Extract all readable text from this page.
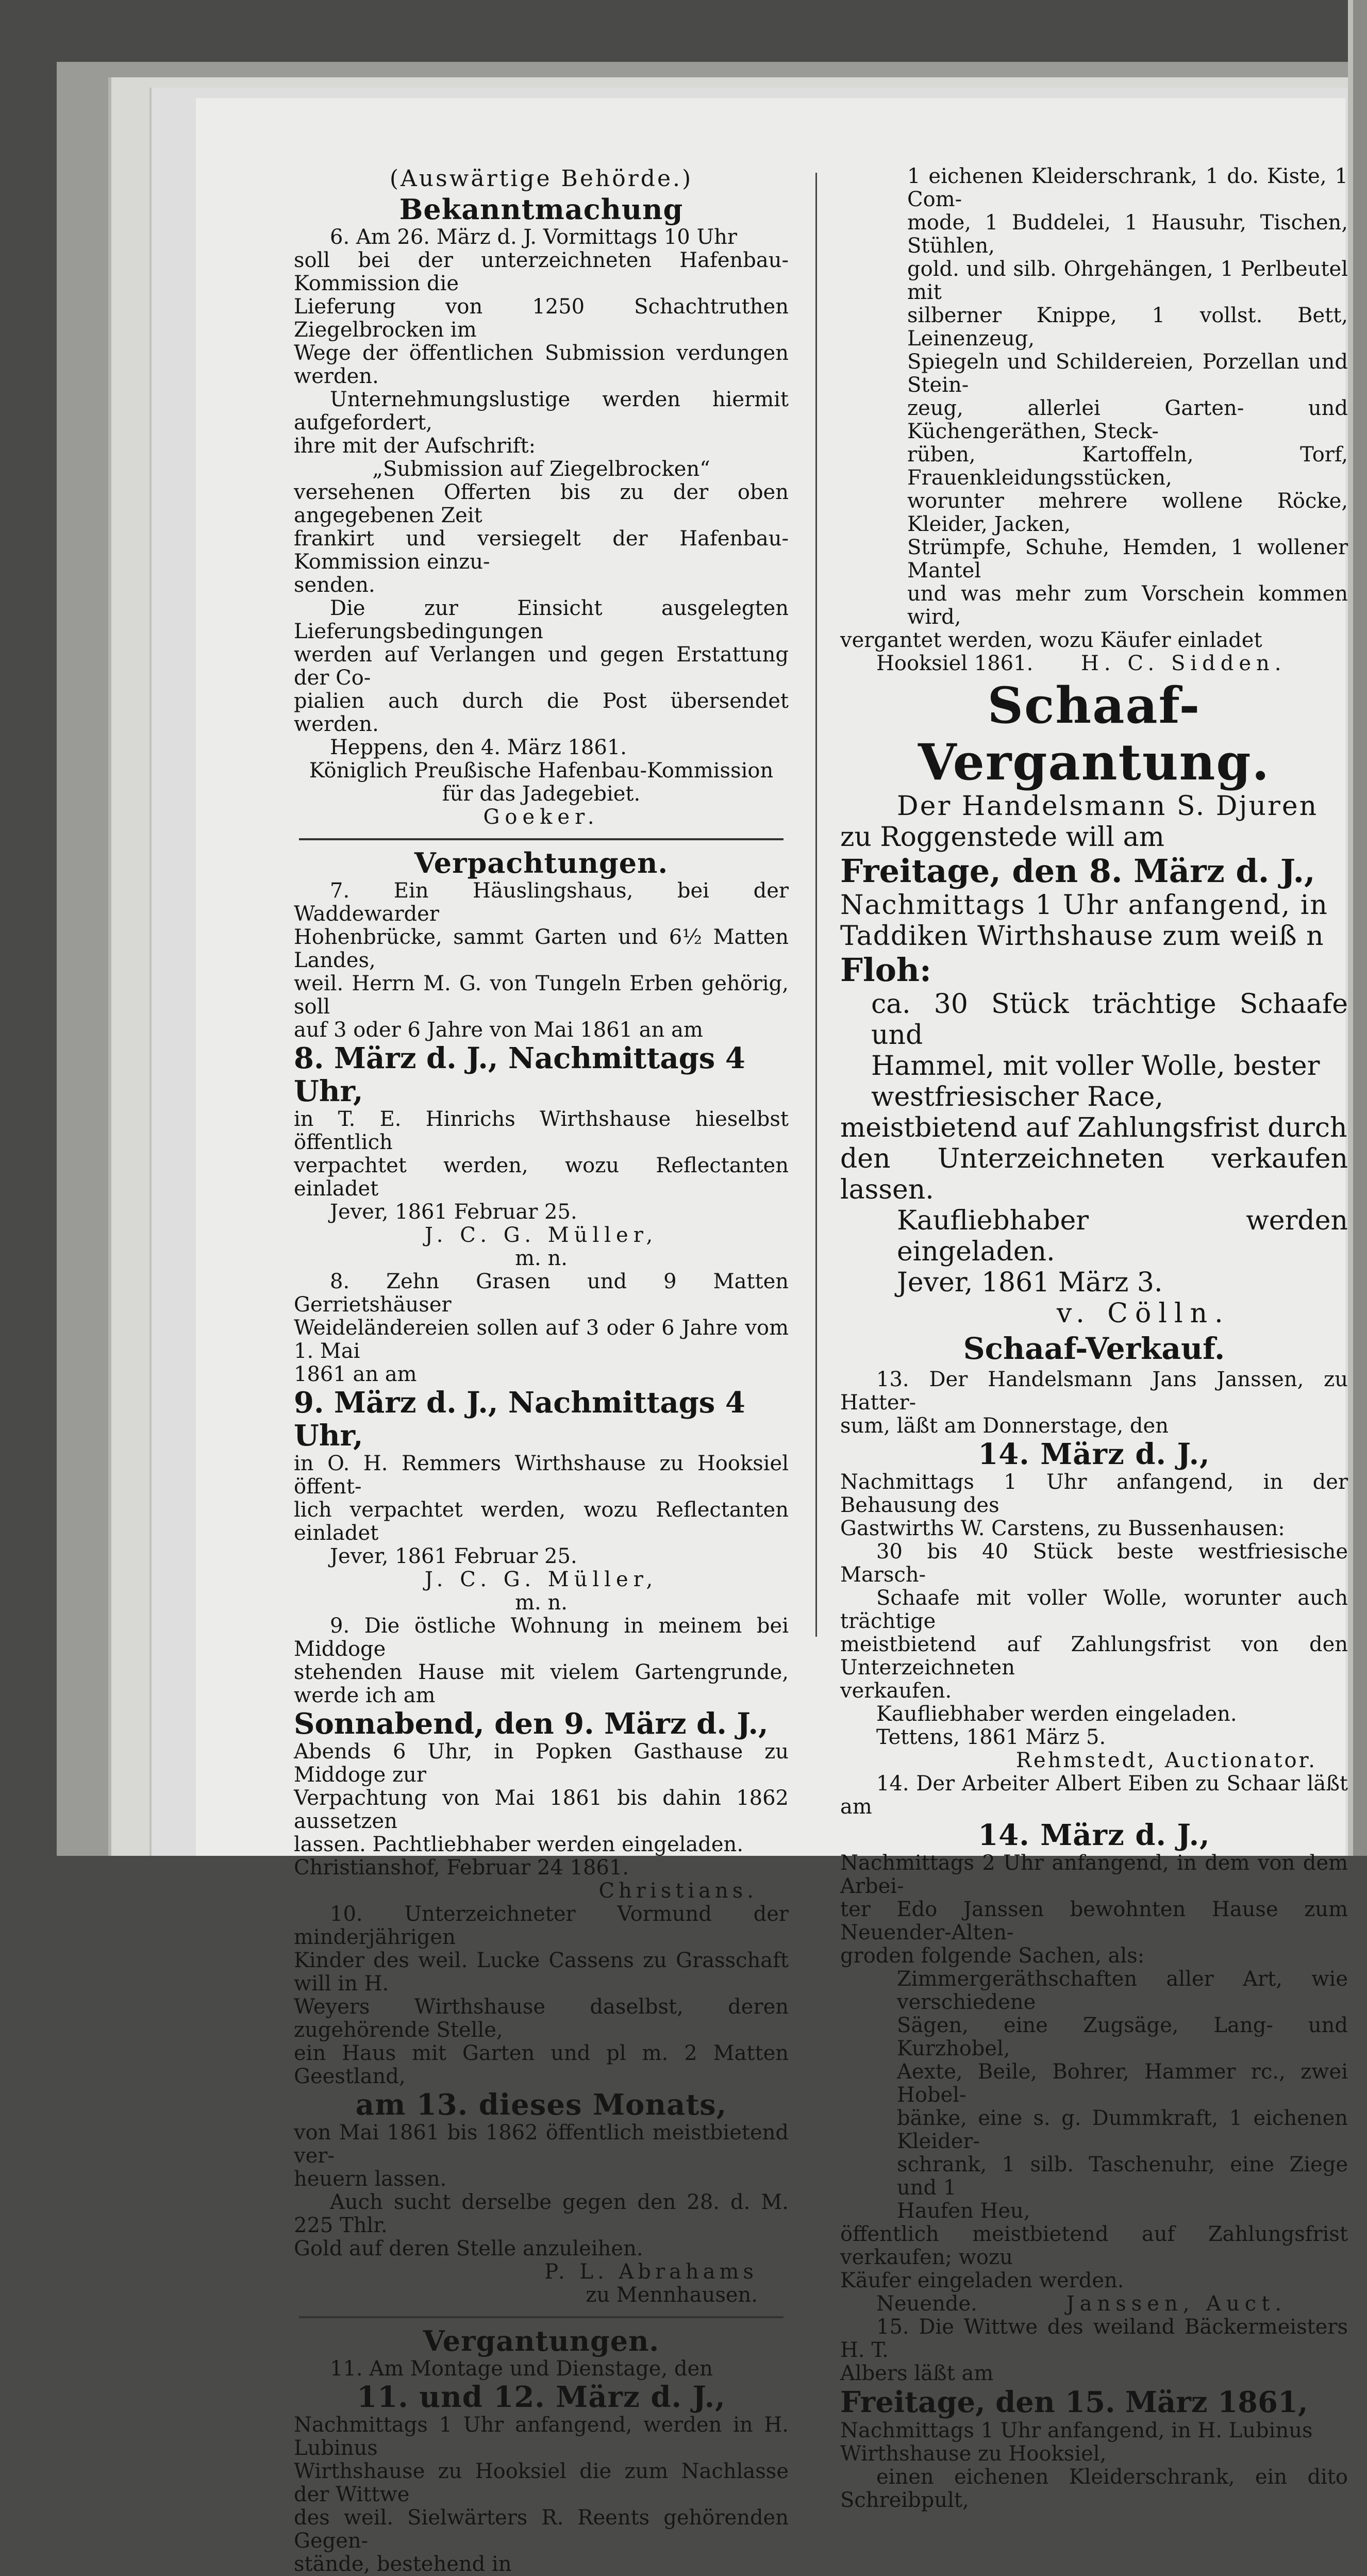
(Auswärtige Behörde.)

Bekanntmachung

6. Am 26. März d. J. Vormittags 10 Uhr

soll bei der unterzeichneten Hafenbau-Kommission die

Lieferung von 1250 Schachtruthen Ziegelbrocken im

Wege der öffentlichen Submission verdungen werden.

Unternehmungslustige werden hiermit aufgefordert,

ihre mit der Aufschrift:

„Submission auf Ziegelbrocken“

versehenen Offerten bis zu der oben angegebenen Zeit

frankirt und versiegelt der Hafenbau-Kommission einzu-

senden.

Die zur Einsicht ausgelegten Lieferungsbedingungen

werden auf Verlangen und gegen Erstattung der Co-

pialien auch durch die Post übersendet werden.

Heppens, den 4. März 1861.

Königlich Preußische Hafenbau-Kommission

für das Jadegebiet.

Goeker.

Verpachtungen.

7. Ein Häuslingshaus, bei der Waddewarder

Hohenbrücke, sammt Garten und 6½ Matten Landes,

weil. Herrn M. G. von Tungeln Erben gehörig, soll

auf 3 oder 6 Jahre von Mai 1861 an am

8. März d. J., Nachmittags 4 Uhr,

in T. E. Hinrichs Wirthshause hieselbst öffentlich

verpachtet werden, wozu Reflectanten einladet

Jever, 1861 Februar 25.

J. C. G. Müller,

m. n.

8. Zehn Grasen und 9 Matten Gerrietshäuser

Weideländereien sollen auf 3 oder 6 Jahre vom 1. Mai

1861 an am

9. März d. J., Nachmittags 4 Uhr,

in O. H. Remmers Wirthshause zu Hooksiel öffent-

lich verpachtet werden, wozu Reflectanten einladet

Jever, 1861 Februar 25.

J. C. G. Müller,

m. n.

9. Die östliche Wohnung in meinem bei Middoge

stehenden Hause mit vielem Gartengrunde, werde ich am

Sonnabend, den 9. März d. J.,

Abends 6 Uhr, in Popken Gasthause zu Middoge zur

Verpachtung von Mai 1861 bis dahin 1862 aussetzen

lassen. Pachtliebhaber werden eingeladen.

Christianshof, Februar 24 1861.

Christians.

10. Unterzeichneter Vormund der minderjährigen

Kinder des weil. Lucke Cassens zu Grasschaft will in H.

Weyers Wirthshause daselbst, deren zugehörende Stelle,

ein Haus mit Garten und pl m. 2 Matten Geestland,

am 13. dieses Monats,

von Mai 1861 bis 1862 öffentlich meistbietend ver-

heuern lassen.

Auch sucht derselbe gegen den 28. d. M. 225 Thlr.

Gold auf deren Stelle anzuleihen.

P. L. Abrahams

zu Mennhausen.

Vergantungen.

11. Am Montage und Dienstage, den

11. und 12. März d. J.,

Nachmittags 1 Uhr anfangend, werden in H. Lubinus

Wirthshause zu Hooksiel die zum Nachlasse der Wittwe

des weil. Sielwärters R. Reents gehörenden Gegen-

stände, bestehend in

1 eichenen Kleiderschrank, 1 do. Kiste, 1 Com-

mode, 1 Buddelei, 1 Hausuhr, Tischen, Stühlen,

gold. und silb. Ohrgehängen, 1 Perlbeutel mit

silberner Knippe, 1 vollst. Bett, Leinenzeug,

Spiegeln und Schildereien, Porzellan und Stein-

zeug, allerlei Garten- und Küchengeräthen, Steck-

rüben, Kartoffeln, Torf, Frauenkleidungsstücken,

worunter mehrere wollene Röcke, Kleider, Jacken,

Strümpfe, Schuhe, Hemden, 1 wollener Mantel

und was mehr zum Vorschein kommen wird,

vergantet werden, wozu Käufer einladet

Hooksiel 1861. H. C. Sidden.

Schaaf-Vergantung.

Der Handelsmann S. Djuren

zu Roggenstede will am

Freitage, den 8. März d. J.,

Nachmittags 1 Uhr anfangend, in

Taddiken Wirthshause zum weiß n

Floh:

ca. 30 Stück trächtige Schaafe und

Hammel, mit voller Wolle, bester

westfriesischer Race,

meistbietend auf Zahlungsfrist durch

den Unterzeichneten verkaufen lassen.

Kaufliebhaber werden eingeladen.

Jever, 1861 März 3.

v. Cölln.

Schaaf-Verkauf.

13. Der Handelsmann Jans Janssen, zu Hatter-

sum, läßt am Donnerstage, den

14. März d. J.,

Nachmittags 1 Uhr anfangend, in der Behausung des

Gastwirths W. Carstens, zu Bussenhausen:

30 bis 40 Stück beste westfriesische Marsch-

Schaafe mit voller Wolle, worunter auch trächtige

meistbietend auf Zahlungsfrist von den Unterzeichneten

verkaufen.

Kaufliebhaber werden eingeladen.

Tettens, 1861 März 5.

Rehmstedt, Auctionator.

14. Der Arbeiter Albert Eiben zu Schaar läßt am

14. März d. J.,

Nachmittags 2 Uhr anfangend, in dem von dem Arbei-

ter Edo Janssen bewohnten Hause zum Neuender-Alten-

groden folgende Sachen, als:

Zimmergeräthschaften aller Art, wie verschiedene

Sägen, eine Zugsäge, Lang- und Kurzhobel,

Aexte, Beile, Bohrer, Hammer rc., zwei Hobel-

bänke, eine s. g. Dummkraft, 1 eichenen Kleider-

schrank, 1 silb. Taschenuhr, eine Ziege und 1

Haufen Heu,

öffentlich meistbietend auf Zahlungsfrist verkaufen; wozu

Käufer eingeladen werden.

Neuende.	Janssen, Auct.

15. Die Wittwe des weiland Bäckermeisters H. T.

Albers läßt am

Freitage, den 15. März 1861,

Nachmittags 1 Uhr anfangend, in H. Lubinus

Wirthshause zu Hooksiel,

einen eichenen Kleiderschrank, ein dito Schreibpult,
